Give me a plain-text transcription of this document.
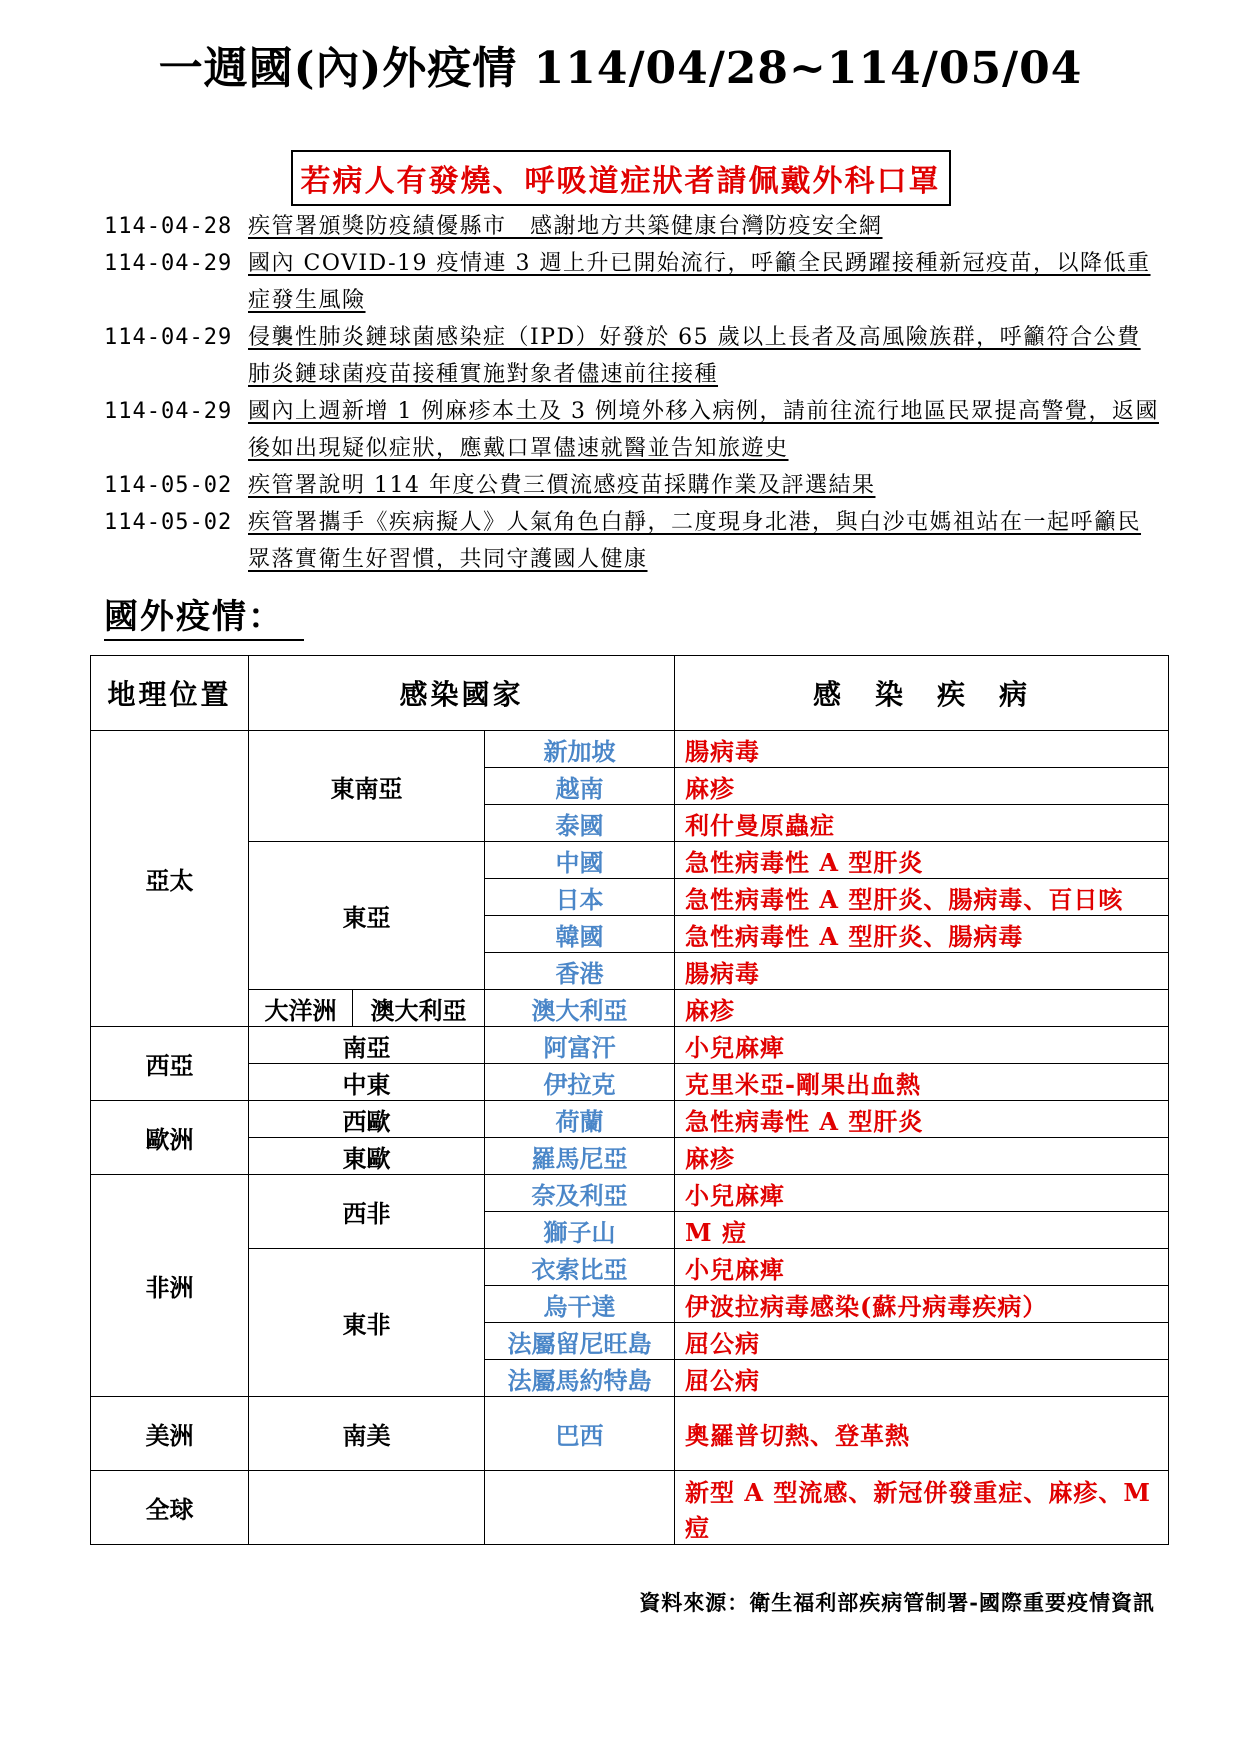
一週國(內)外疫情 114/04/28~114/05/04
若病人有發燒、呼吸道症狀者請佩戴外科口罩
114-04-28 疾管署頒獎防疫績優縣市　感謝地方共築健康台灣防疫安全網
114-04-29 國內 COVID-19 疫情連 3 週上升已開始流行，呼籲全民踴躍接種新冠疫苗，以降低重症發生風險
114-04-29 侵襲性肺炎鏈球菌感染症（IPD）好發於 65 歲以上長者及高風險族群，呼籲符合公費肺炎鏈球菌疫苗接種實施對象者儘速前往接種
114-04-29 國內上週新增 1 例麻疹本土及 3 例境外移入病例，請前往流行地區民眾提高警覺，返國後如出現疑似症狀，應戴口罩儘速就醫並告知旅遊史
114-05-02 疾管署說明 114 年度公費三價流感疫苗採購作業及評選結果
114-05-02 疾管署攜手《疾病擬人》人氣角色白靜，二度現身北港，與白沙屯媽祖站在一起呼籲民眾落實衛生好習慣，共同守護國人健康
國外疫情：
地理位置	感染國家			感　染　疾　病
亞太	東南亞		新加坡	腸病毒
			越南	麻疹
			泰國	利什曼原蟲症
	東亞		中國	急性病毒性 A 型肝炎
			日本	急性病毒性 A 型肝炎、腸病毒、百日咳
			韓國	急性病毒性 A 型肝炎、腸病毒
			香港	腸病毒
	大洋洲	澳大利亞	澳大利亞	麻疹
西亞	南亞		阿富汗	小兒麻痺
	中東		伊拉克	克里米亞-剛果出血熱
歐洲	西歐		荷蘭	急性病毒性 A 型肝炎
	東歐		羅馬尼亞	麻疹
非洲	西非		奈及利亞	小兒麻痺
			獅子山	M 痘
	東非		衣索比亞	小兒麻痺
			烏干達	伊波拉病毒感染(蘇丹病毒疾病）
			法屬留尼旺島	屈公病
			法屬馬約特島	屈公病
美洲	南美		巴西	奧羅普切熱、登革熱
全球				新型 A 型流感、新冠併發重症、麻疹、M 痘
資料來源：衛生福利部疾病管制署-國際重要疫情資訊
